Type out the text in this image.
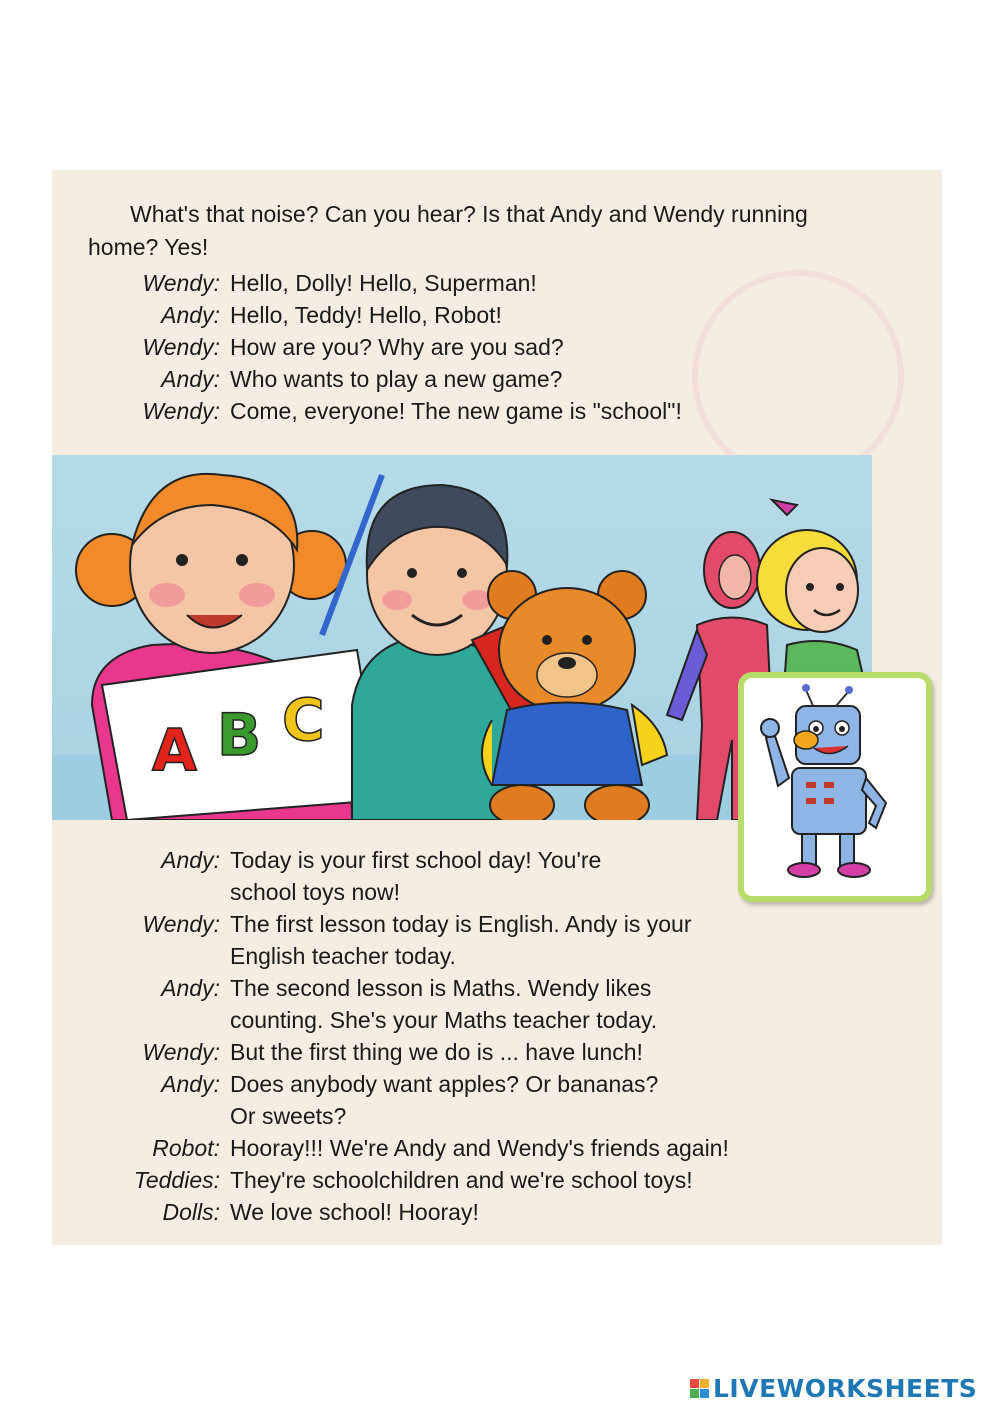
What's that noise? Can you hear? Is that Andy and Wendy running home? Yes!
Wendy: Hello, Dolly! Hello, Superman!
Andy: Hello, Teddy! Hello, Robot!
Wendy: How are you? Why are you sad?
Andy: Who wants to play a new game?
Wendy: Come, everyone! The new game is "school"!
A B C
Andy: Today is your first school day! You're
school toys now!
Wendy: The first lesson today is English. Andy is your
English teacher today.
Andy: The second lesson is Maths. Wendy likes
counting. She's your Maths teacher today.
Wendy: But the first thing we do is ... have lunch!
Andy: Does anybody want apples? Or bananas?
Or sweets?
Robot: Hooray!!! We're Andy and Wendy's friends again!
Teddies: They're schoolchildren and we're school toys!
Dolls: We love school! Hooray!
LIVEWORKSHEETS
